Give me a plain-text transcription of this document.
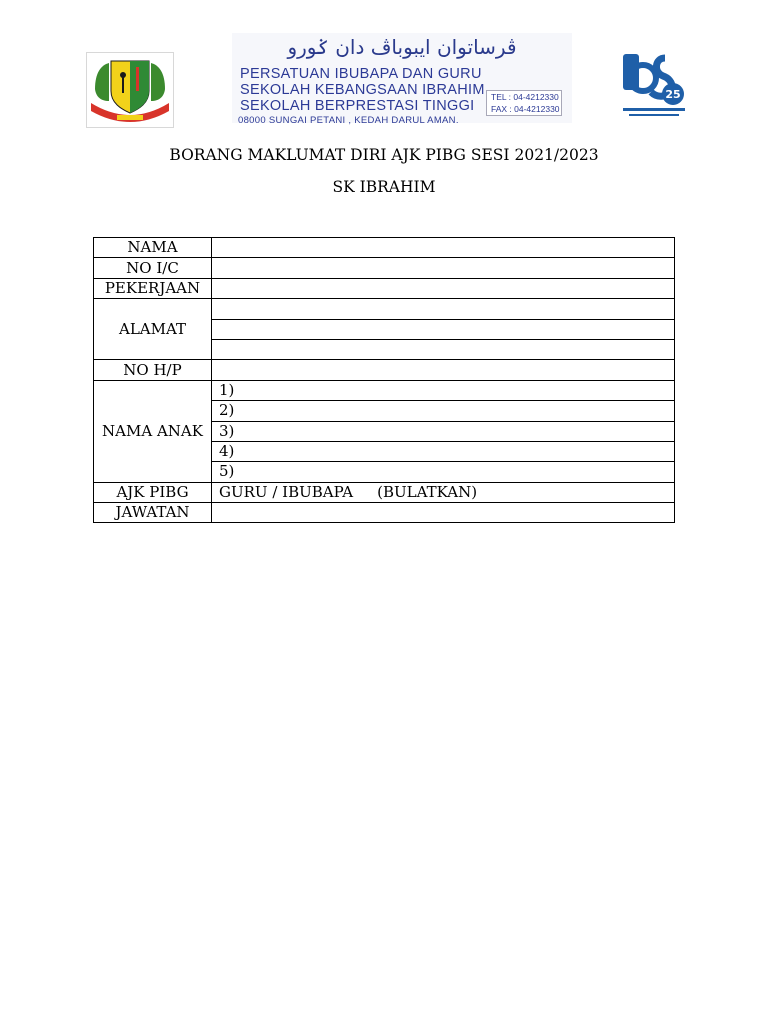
ڤرساتوان ايبوباڤ دان ݢورو
PERSATUAN IBUBAPA DAN GURU
SEKOLAH KEBANGSAAN IBRAHIM
SEKOLAH BERPRESTASI TINGGI
08000 SUNGAI PETANI , KEDAH DARUL AMAN.
TEL : 04-4212330
FAX : 04-4212330
25
BORANG MAKLUMAT DIRI AJK PIBG SESI 2021/2023
SK IBRAHIM
NAMA	
NO I/C	
PEKERJAAN	
ALAMAT	

NO H/P	
NAMA ANAK	1)
	2)
	3)
	4)
	5)
AJK PIBG	GURU / IBUBAPA (BULATKAN)
JAWATAN	
